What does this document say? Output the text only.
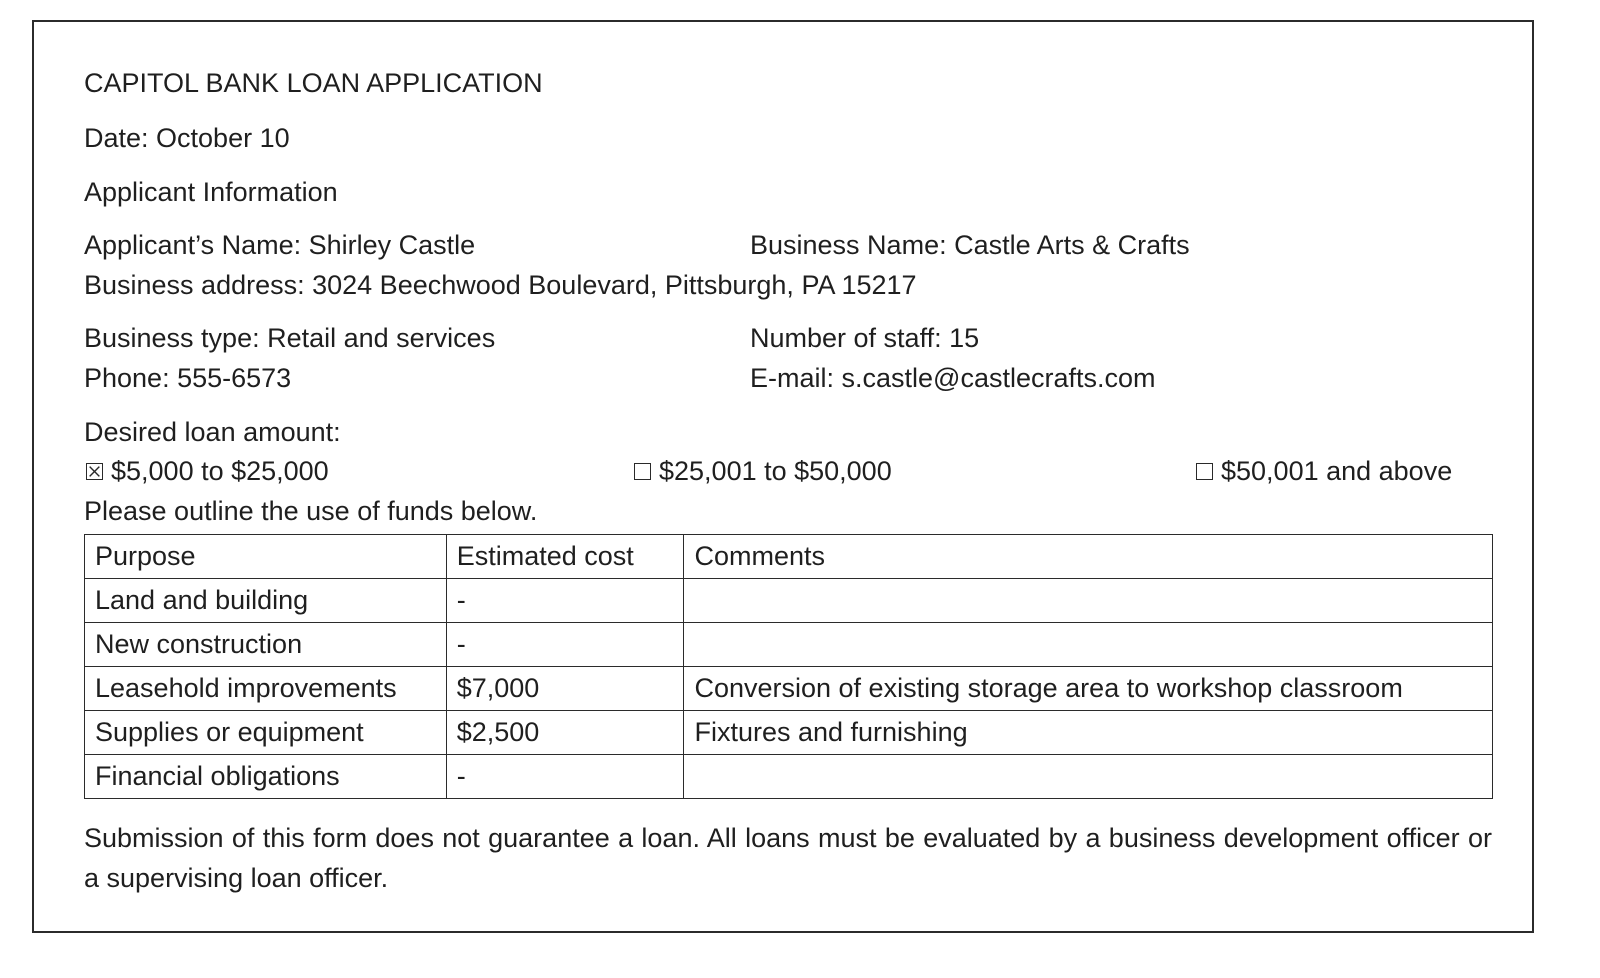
CAPITOL BANK LOAN APPLICATION
Date: October 10
Applicant Information
Applicant’s Name: Shirley Castle	Business Name: Castle Arts & Crafts
Business address: 3024 Beechwood Boulevard, Pittsburgh, PA 15217
Business type: Retail and services	Number of staff: 15
Phone: 555-6573	E-mail: s.castle@castlecrafts.com
Desired loan amount:
$5,000 to $25,000	$25,001 to $50,000	$50,001 and above
Please outline the use of funds below.
Purpose	Estimated cost	Comments
Land and building	-	
New construction	-	
Leasehold improvements	$7,000	Conversion of existing storage area to workshop classroom
Supplies or equipment	$2,500	Fixtures and furnishing
Financial obligations	-	
Submission of this form does not guarantee a loan. All loans must be evaluated by a business development officer or a supervising loan officer.
